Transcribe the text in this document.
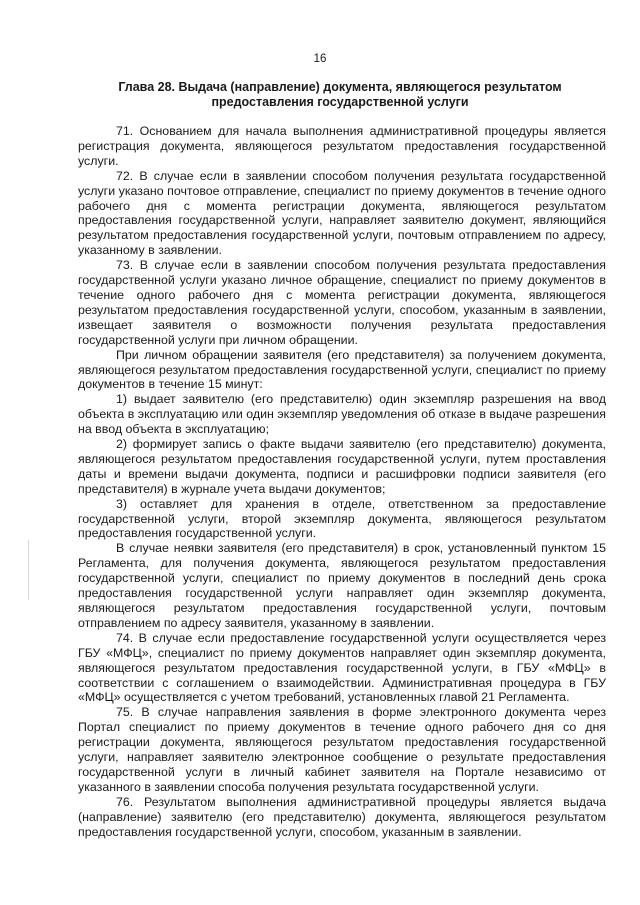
16
Глава 28. Выдача (направление) документа, являющегося результатом
предоставления государственной услуги

71. Основанием для начала выполнения административной процедуры является регистрация документа, являющегося результатом предоставления государственной услуги.

72. В случае если в заявлении способом получения результата государственной услуги указано почтовое отправление, специалист по приему документов в течение одного рабочего дня с момента регистрации документа, являющегося результатом предоставления государственной услуги, направляет заявителю документ, являющийся результатом предоставления государственной услуги, почтовым отправлением по адресу, указанному в заявлении.

73. В случае если в заявлении способом получения результата предоставления государственной услуги указано личное обращение, специалист по приему документов в течение одного рабочего дня с момента регистрации документа, являющегося результатом предоставления государственной услуги, способом, указанным в заявлении, извещает заявителя о возможности получения результата предоставления государственной услуги при личном обращении.

При личном обращении заявителя (его представителя) за получением документа, являющегося результатом предоставления государственной услуги, специалист по приему документов в течение 15 минут:

1) выдает заявителю (его представителю) один экземпляр разрешения на ввод объекта в эксплуатацию или один экземпляр уведомления об отказе в выдаче разрешения на ввод объекта в эксплуатацию;

2) формирует запись о факте выдачи заявителю (его представителю) документа, являющегося результатом предоставления государственной услуги, путем проставления даты и времени выдачи документа, подписи и расшифровки подписи заявителя (его представителя) в журнале учета выдачи документов;

3) оставляет для хранения в отделе, ответственном за предоставление государственной услуги, второй экземпляр документа, являющегося результатом предоставления государственной услуги.

В случае неявки заявителя (его представителя) в срок, установленный пунктом 15 Регламента, для получения документа, являющегося результатом предоставления государственной услуги, специалист по приему документов в последний день срока предоставления государственной услуги направляет один экземпляр документа, являющегося результатом предоставления государственной услуги, почтовым отправлением по адресу заявителя, указанному в заявлении.

74. В случае если предоставление государственной услуги осуществляется через ГБУ «МФЦ», специалист по приему документов направляет один экземпляр документа, являющегося результатом предоставления государственной услуги, в ГБУ «МФЦ» в соответствии с соглашением о взаимодействии. Административная процедура в ГБУ «МФЦ» осуществляется с учетом требований, установленных главой 21 Регламента.

75. В случае направления заявления в форме электронного документа через Портал специалист по приему документов в течение одного рабочего дня со дня регистрации документа, являющегося результатом предоставления государственной услуги, направляет заявителю электронное сообщение о результате предоставления государственной услуги в личный кабинет заявителя на Портале независимо от указанного в заявлении способа получения результата государственной услуги.

76. Результатом выполнения административной процедуры является выдача (направление) заявителю (его представителю) документа, являющегося результатом предоставления государственной услуги, способом, указанным в заявлении.
